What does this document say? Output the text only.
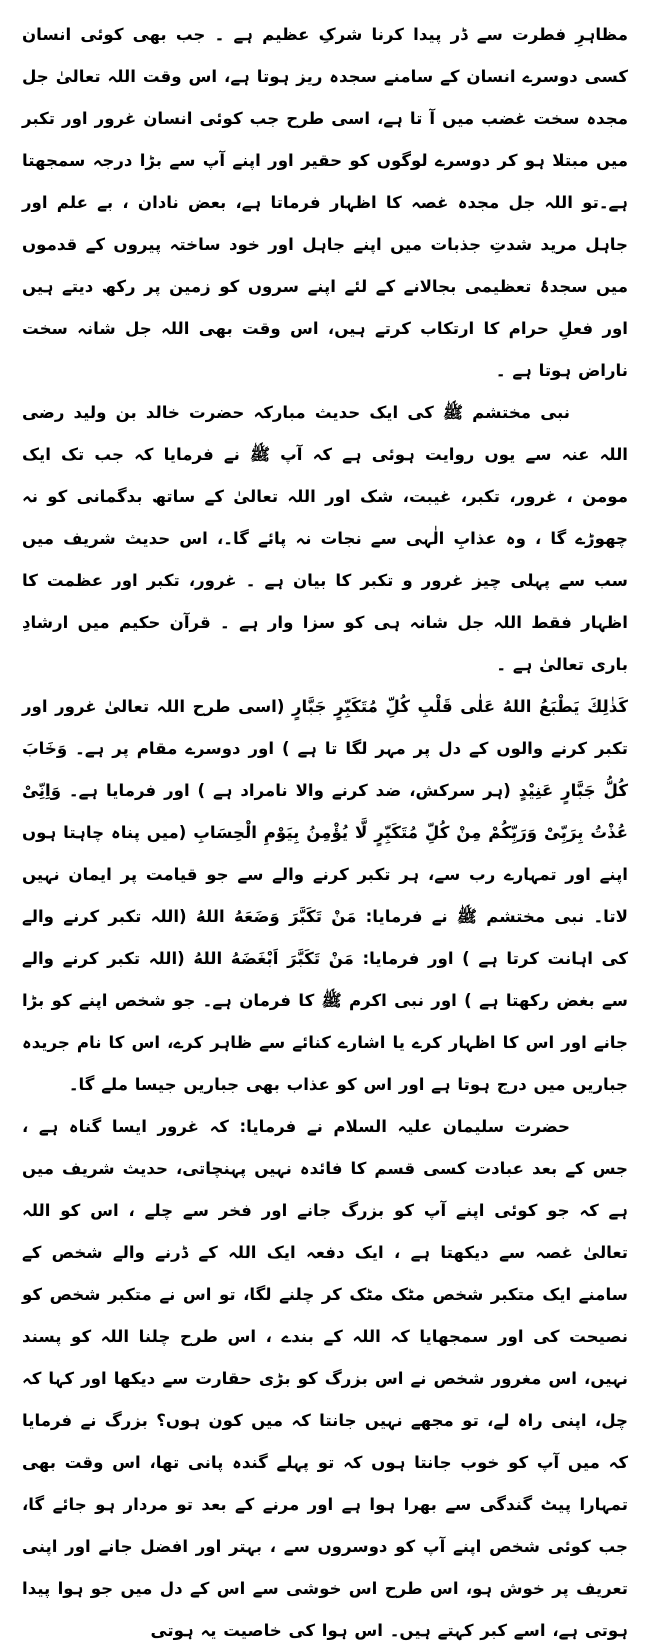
مظاہرِ فطرت سے ڈر پیدا کرنا شرکِ عظیم ہے ۔ جب بھی کوئی انسان کسی دوسرے انسان کے سامنے سجدہ ریز ہوتا ہے، اس وقت اللہ تعالیٰ جل مجدہ سخت غضب میں آ تا ہے، اسی طرح جب کوئی انسان غرور اور تکبر میں مبتلا ہو کر دوسرے لوگوں کو حقیر اور اپنے آپ سے بڑا درجہ سمجھتا ہے۔تو اللہ جل مجدہ غصہ کا اظہار فرماتا ہے، بعض نادان ، بے علم اور جاہل مرید شدتِ جذبات میں اپنے جاہل اور خود ساختہ پیروں کے قدموں میں سجدۂ تعظیمی بجالانے کے لئے اپنے سروں کو زمین پر رکھ دیتے ہیں اور فعلِ حرام کا ارتکاب کرتے ہیں، اس وقت بھی اللہ جل شانہ سخت ناراض ہوتا ہے ۔

نبی مختشم ﷺ کی ایک حدیث مبارکہ حضرت خالد بن ولید رضی اللہ عنہ سے یوں روایت ہوئی ہے کہ آپ ﷺ نے فرمایا کہ جب تک ایک مومن ، غرور، تکبر، غیبت، شک اور اللہ تعالیٰ کے ساتھ بدگمانی کو نہ چھوڑے گا ، وہ عذابِ الٰہی سے نجات نہ پائے گا۔، اس حدیث شریف میں سب سے پہلی چیز غرور و تکبر کا بیان ہے ۔ غرور، تکبر اور عظمت کا اظہار فقط اللہ جل شانہ ہی کو سزا وار ہے ۔ قرآن حکیم میں ارشادِ باری تعالیٰ ہے ۔

كَذٰلِكَ يَطْبَعُ اللهُ عَلٰى قَلْبِ كُلِّ مُتَكَبِّرٍ جَبَّارٍ (اسی طرح اللہ تعالیٰ غرور اور تکبر کرنے والوں کے دل پر مہر لگا تا ہے ) اور دوسرے مقام پر ہے۔ وَخَابَ كُلُّ جَبَّارٍ عَنِيْدٍ (ہر سرکش، ضد کرنے والا نامراد ہے ) اور فرمایا ہے۔ وَاِنِّىْ عُذْتُ بِرَبِّىْ وَرَبِّكُمْ مِنْ كُلِّ مُتَكَبِّرٍ لَّا يُؤْمِنُ بِيَوْمِ الْحِسَابِ (میں پناہ چاہتا ہوں اپنے اور تمہارے رب سے، ہر تکبر کرنے والے سے جو قیامت پر ایمان نہیں لاتا۔ نبی مختشم ﷺ نے فرمایا: مَنْ تَكَبَّرَ وَضَعَهُ اللهُ (اللہ تکبر کرنے والے کی اہانت کرتا ہے ) اور فرمایا: مَنْ تَكَبَّرَ اَبْغَضَهُ اللهُ (اللہ تکبر کرنے والے سے بغض رکھتا ہے ) اور نبی اکرم ﷺ کا فرمان ہے۔ جو شخص اپنے کو بڑا جانے اور اس کا اظہار کرے یا اشارے کنائے سے ظاہر کرے، اس کا نام جریدہ جباریں میں درج ہوتا ہے اور اس کو عذاب بھی جباریں جیسا ملے گا۔

حضرت سلیمان علیہ السلام نے فرمایا: کہ غرور ایسا گناہ ہے ، جس کے بعد عبادت کسی قسم کا فائدہ نہیں پہنچاتی، حدیث شریف میں ہے کہ جو کوئی اپنے آپ کو بزرگ جانے اور فخر سے چلے ، اس کو اللہ تعالیٰ غصہ سے دیکھتا ہے ، ایک دفعہ ایک اللہ کے ڈرنے والے شخص کے سامنے ایک متکبر شخص مٹک مٹک کر چلنے لگا، تو اس نے متکبر شخص کو نصیحت کی اور سمجھایا کہ اللہ کے بندے ، اس طرح چلنا اللہ کو پسند نہیں، اس مغرور شخص نے اس بزرگ کو بڑی حقارت سے دیکھا اور کہا کہ چل، اپنی راہ لے، تو مجھے نہیں جانتا کہ میں کون ہوں؟ بزرگ نے فرمایا کہ میں آپ کو خوب جانتا ہوں کہ تو پہلے گندہ پانی تھا، اس وقت بھی تمہارا پیٹ گندگی سے بھرا ہوا ہے اور مرنے کے بعد تو مردار ہو جائے گا، جب کوئی شخص اپنے آپ کو دوسروں سے ، بہتر اور افضل جانے اور اپنی تعریف پر خوش ہو، اس طرح اس خوشی سے اس کے دل میں جو ہوا پیدا ہوتی ہے، اسے کبر کہتے ہیں۔ اس ہوا کی خاصیت یہ ہوتی
